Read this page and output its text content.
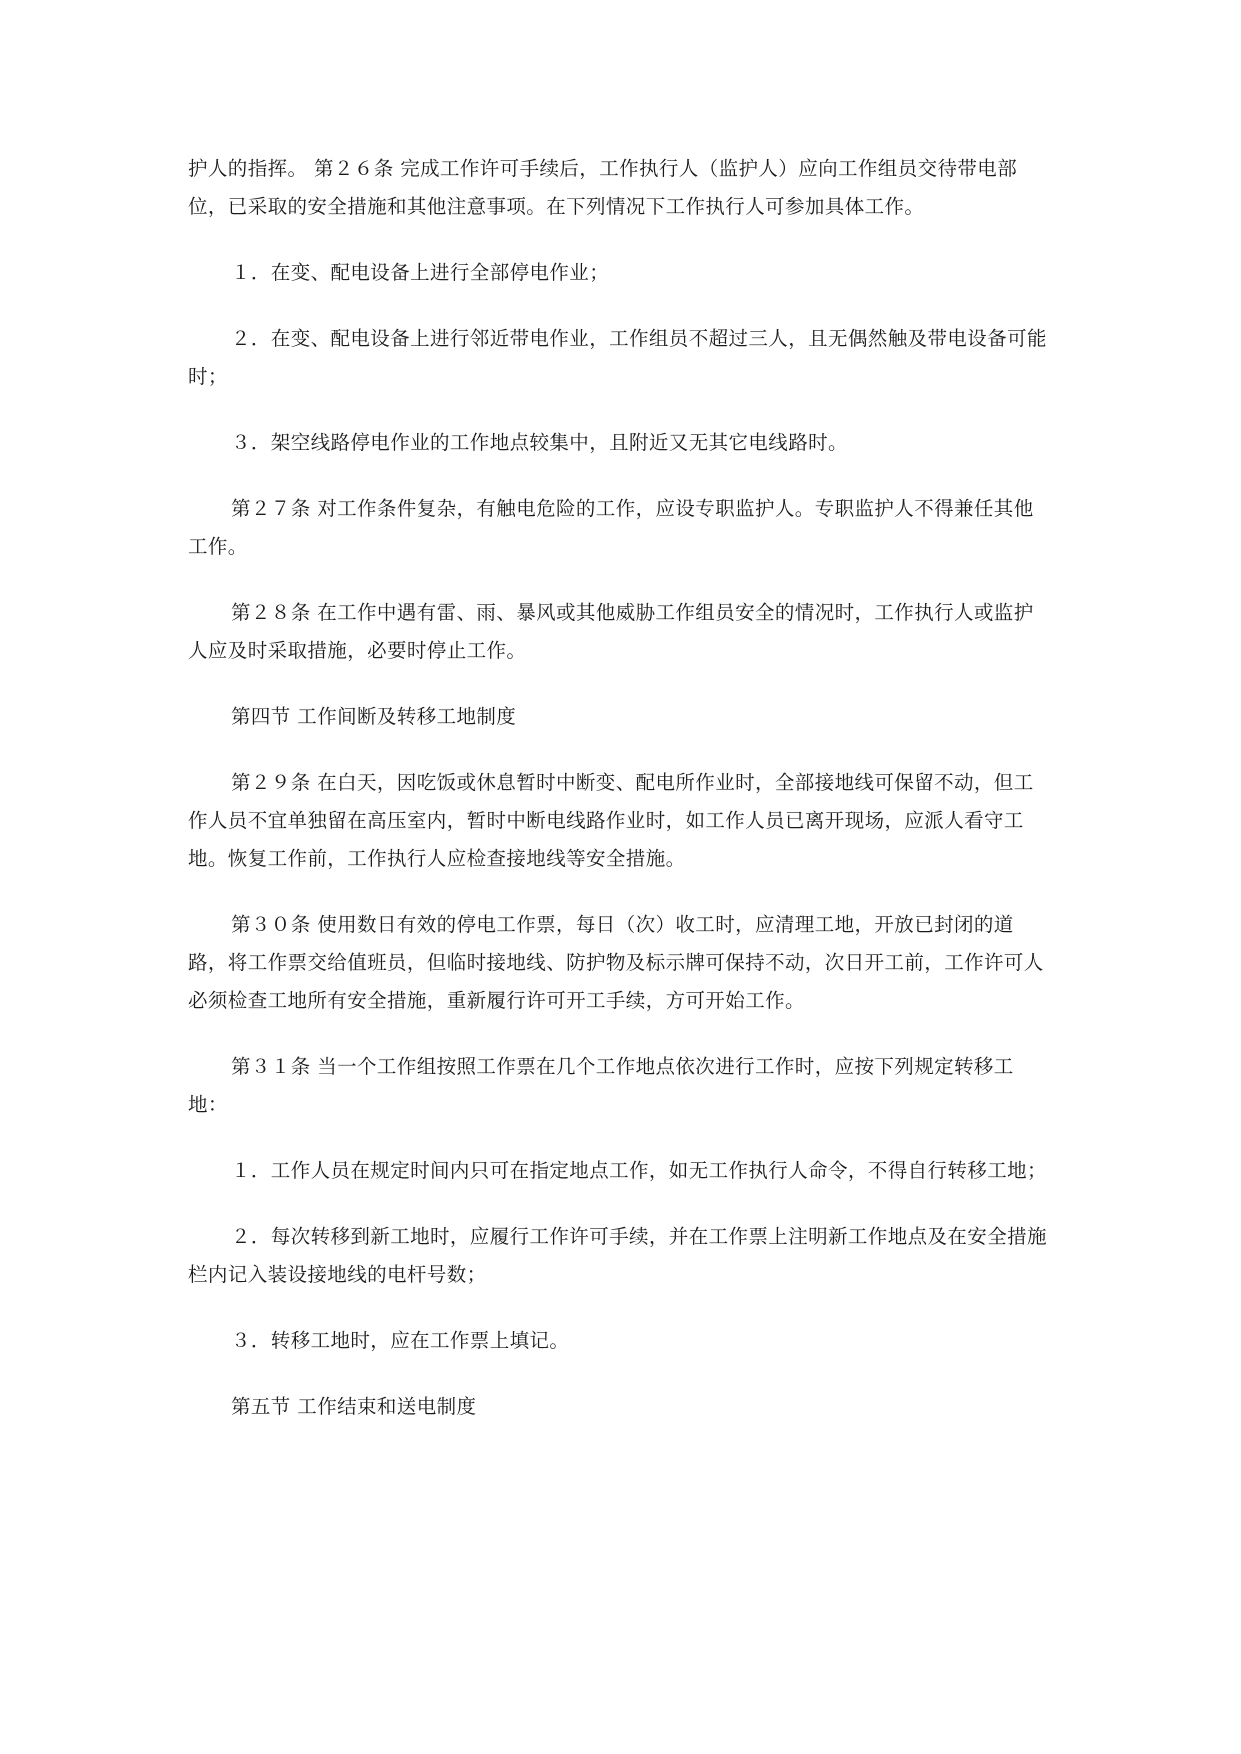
护人的指挥。 第２６条 完成工作许可手续后，工作执行人（监护人）应向工作组员交待带电部位，已采取的安全措施和其他注意事项。在下列情况下工作执行人可参加具体工作。

１．在变、配电设备上进行全部停电作业；

２．在变、配电设备上进行邻近带电作业，工作组员不超过三人，且无偶然触及带电设备可能时；

３．架空线路停电作业的工作地点较集中，且附近又无其它电线路时。

第２７条 对工作条件复杂，有触电危险的工作，应设专职监护人。专职监护人不得兼任其他工作。

第２８条 在工作中遇有雷、雨、暴风或其他威胁工作组员安全的情况时，工作执行人或监护人应及时采取措施，必要时停止工作。

第四节 工作间断及转移工地制度

第２９条 在白天，因吃饭或休息暂时中断变、配电所作业时，全部接地线可保留不动，但工作人员不宜单独留在高压室内，暂时中断电线路作业时，如工作人员已离开现场，应派人看守工地。恢复工作前，工作执行人应检查接地线等安全措施。

第３０条 使用数日有效的停电工作票，每日（次）收工时，应清理工地，开放已封闭的道路，将工作票交给值班员，但临时接地线、防护物及标示牌可保持不动，次日开工前，工作许可人必须检查工地所有安全措施，重新履行许可开工手续，方可开始工作。

第３１条 当一个工作组按照工作票在几个工作地点依次进行工作时，应按下列规定转移工地：

１．工作人员在规定时间内只可在指定地点工作，如无工作执行人命令，不得自行转移工地；

２．每次转移到新工地时，应履行工作许可手续，并在工作票上注明新工作地点及在安全措施栏内记入装设接地线的电杆号数；

３．转移工地时，应在工作票上填记。

第五节 工作结束和送电制度
